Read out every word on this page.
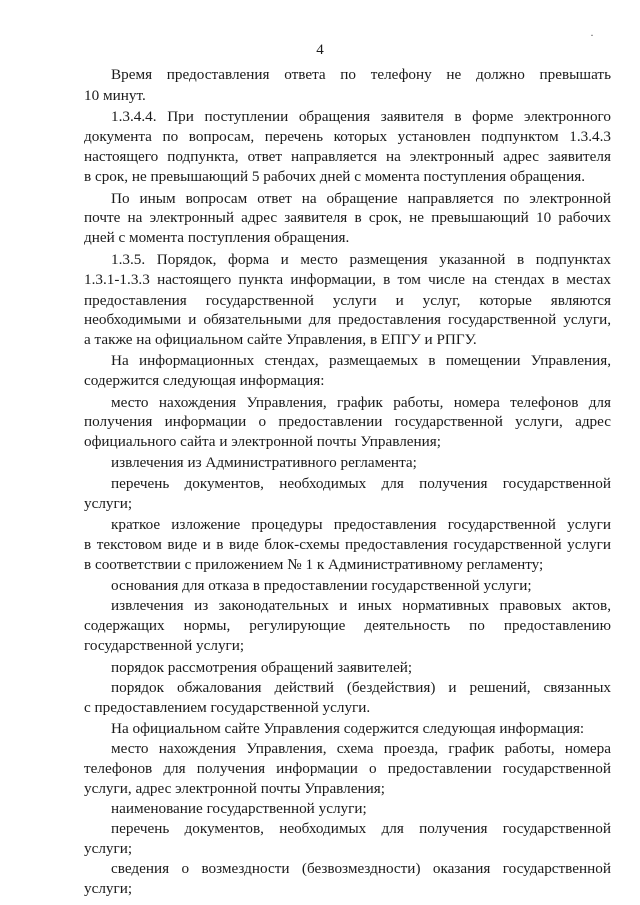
4
·
Время предоставления ответа по телефону не должно превышать
10 минут.
1.3.4.4. При поступлении обращения заявителя в форме электронного
документа по вопросам, перечень которых установлен подпунктом 1.3.4.3
настоящего подпункта, ответ направляется на электронный адрес заявителя
в срок, не превышающий 5 рабочих дней с момента поступления обращения.
По иным вопросам ответ на обращение направляется по электронной
почте на электронный адрес заявителя в срок, не превышающий 10 рабочих
дней с момента поступления обращения.
1.3.5. Порядок, форма и место размещения указанной в подпунктах
1.3.1-1.3.3 настоящего пункта информации, в том числе на стендах в местах
предоставления государственной услуги и услуг, которые являются
необходимыми и обязательными для предоставления государственной услуги,
а также на официальном сайте Управления, в ЕПГУ и РПГУ.
На информационных стендах, размещаемых в помещении Управления,
содержится следующая информация:
место нахождения Управления, график работы, номера телефонов для
получения информации о предоставлении государственной услуги, адрес
официального сайта и электронной почты Управления;
извлечения из Административного регламента;
перечень документов, необходимых для получения государственной
услуги;
краткое изложение процедуры предоставления государственной услуги
в текстовом виде и в виде блок-схемы предоставления государственной услуги
в соответствии с приложением № 1 к Административному регламенту;
основания для отказа в предоставлении государственной услуги;
извлечения из законодательных и иных нормативных правовых актов,
содержащих нормы, регулирующие деятельность по предоставлению
государственной услуги;
порядок рассмотрения обращений заявителей;
порядок обжалования действий (бездействия) и решений, связанных
с предоставлением государственной услуги.
На официальном сайте Управления содержится следующая информация:
место нахождения Управления, схема проезда, график работы, номера
телефонов для получения информации о предоставлении государственной
услуги, адрес электронной почты Управления;
наименование государственной услуги;
перечень документов, необходимых для получения государственной
услуги;
сведения о возмездности (безвозмездности) оказания государственной
услуги;
